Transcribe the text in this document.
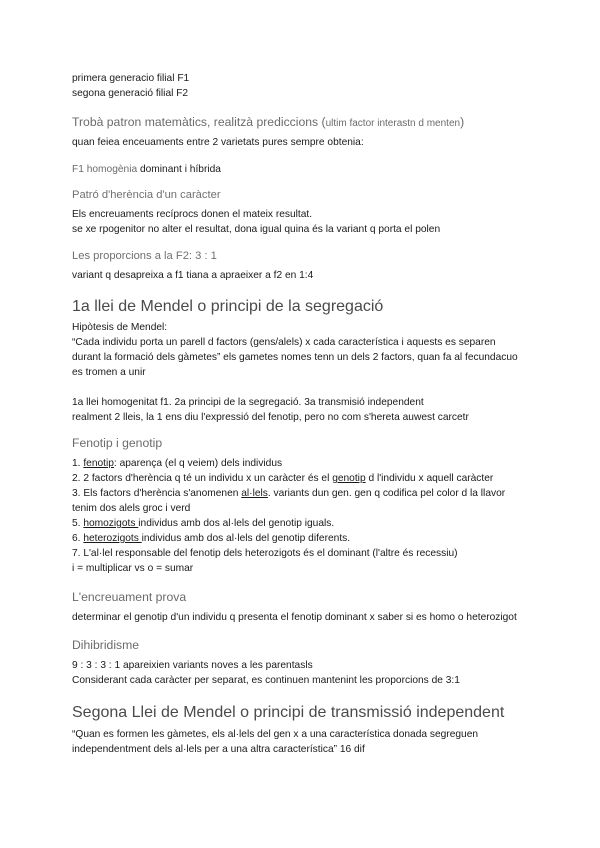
primera generacio filial F1

segona generació filial F2

Trobà patron matemàtics, realitzà prediccions (ultim factor interastn d menten)

quan feiea enceuaments entre 2 varietats pures sempre obtenia:

F1 homogènia dominant i híbrida

Patró d'herència d'un caràcter

Els encreuaments recíprocs donen el mateix resultat.

se xe rpogenitor no alter el resultat, dona igual quina és la variant q porta el polen

Les proporcions a la F2: 3 : 1

variant q desapreixa a f1 tiana a apraeixer a f2 en 1:4

1a llei de Mendel o principi de la segregació

Hipòtesis de Mendel:

“Cada individu porta un parell d factors (gens/alels) x cada característica i aquests es separen

durant la formació dels gàmetes” els gametes nomes tenn un dels 2 factors, quan fa al fecundacuo

es tromen a unir

1a llei homogenitat f1. 2a principi de la segregació. 3a transmisió independent

realment 2 lleis, la 1 ens diu l'expressió del fenotip, pero no com s'hereta auwest carcetr

Fenotip i genotip

1. fenotip: aparença (el q veiem) dels individus

2. 2 factors d'herència q té un individu x un caràcter és el genotip d l'individu x aquell caràcter

3. Els factors d'herència s'anomenen al·lels. variants dun gen. gen q codifica pel color d la llavor

tenim dos alels groc i verd

5. homozigots individus amb dos al·lels del genotip iguals.

6. heterozigots individus amb dos al·lels del genotip diferents.

7. L'al·lel responsable del fenotip dels heterozigots és el dominant (l'altre és recessiu)

i = multiplicar vs o = sumar

L'encreuament prova

determinar el genotip d'un individu q presenta el fenotip dominant x saber si es homo o heterozigot

Dihibridisme

9 : 3 : 3 : 1 apareixien variants noves a les parentasls

Considerant cada caràcter per separat, es continuen mantenint les proporcions de 3:1

Segona Llei de Mendel o principi de transmissió independent

“Quan es formen les gàmetes, els al·lels del gen x a una característica donada segreguen

independentment dels al·lels per a una altra característica” 16 dif
